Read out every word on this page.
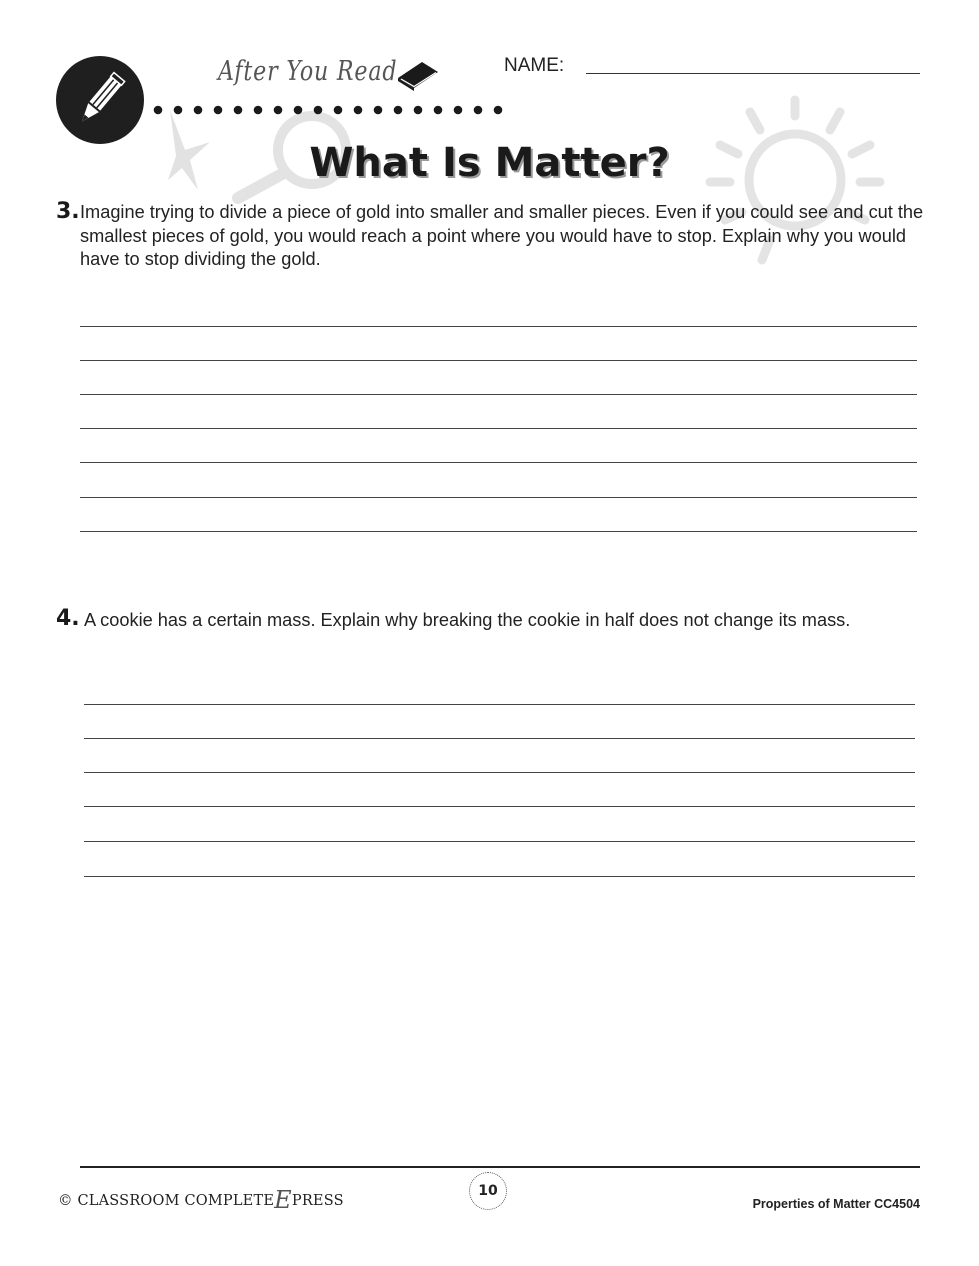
After You Read	NAME:
What Is Matter?
3. Imagine trying to divide a piece of gold into smaller and smaller pieces. Even if you could see and cut the smallest pieces of gold, you would reach a point where you would have to stop. Explain why you would have to stop dividing the gold.
4. A cookie has a certain mass. Explain why breaking the cookie in half does not change its mass.
© CLASSROOM COMPLETEEPRESS
10
Properties of Matter CC4504
